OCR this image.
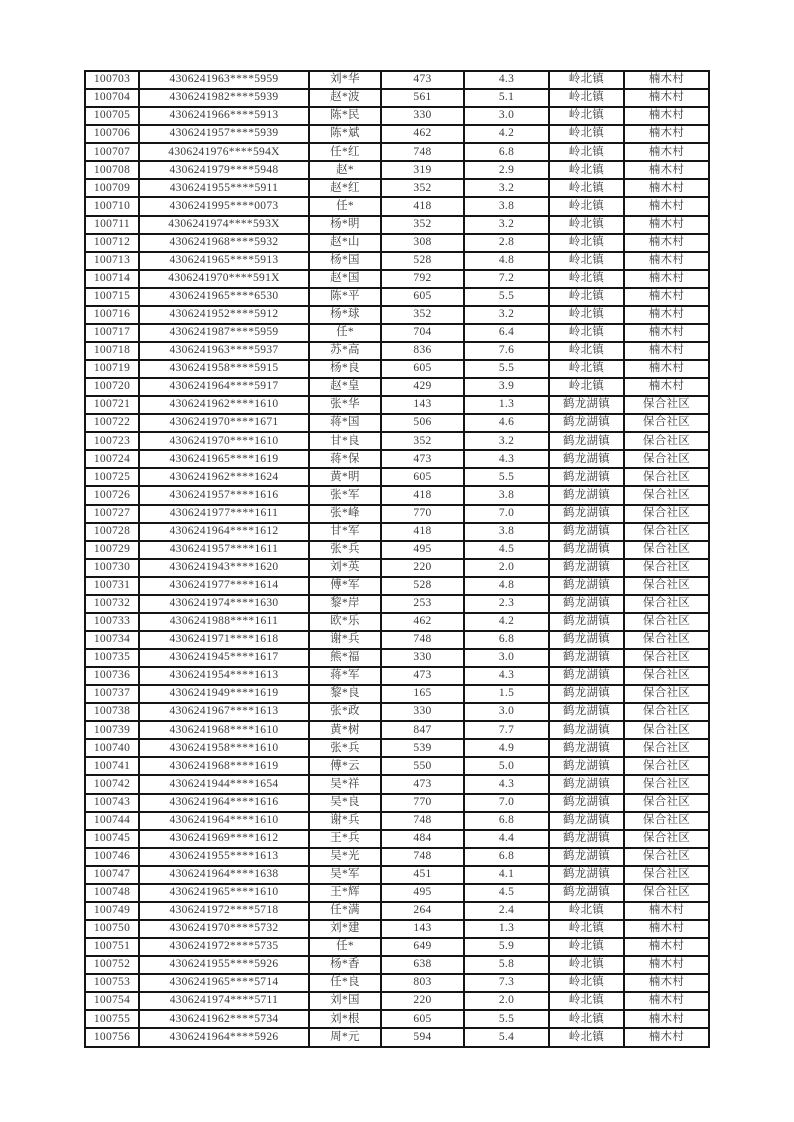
100703	4306241963****5959	刘*华	473	4.3	岭北镇	楠木村
100704	4306241982****5939	赵*波	561	5.1	岭北镇	楠木村
100705	4306241966****5913	陈*民	330	3.0	岭北镇	楠木村
100706	4306241957****5939	陈*斌	462	4.2	岭北镇	楠木村
100707	4306241976****594X	任*红	748	6.8	岭北镇	楠木村
100708	4306241979****5948	赵*	319	2.9	岭北镇	楠木村
100709	4306241955****5911	赵*红	352	3.2	岭北镇	楠木村
100710	4306241995****0073	任*	418	3.8	岭北镇	楠木村
100711	4306241974****593X	杨*明	352	3.2	岭北镇	楠木村
100712	4306241968****5932	赵*山	308	2.8	岭北镇	楠木村
100713	4306241965****5913	杨*国	528	4.8	岭北镇	楠木村
100714	4306241970****591X	赵*国	792	7.2	岭北镇	楠木村
100715	4306241965****6530	陈*平	605	5.5	岭北镇	楠木村
100716	4306241952****5912	杨*球	352	3.2	岭北镇	楠木村
100717	4306241987****5959	任*	704	6.4	岭北镇	楠木村
100718	4306241963****5937	苏*高	836	7.6	岭北镇	楠木村
100719	4306241958****5915	杨*良	605	5.5	岭北镇	楠木村
100720	4306241964****5917	赵*皇	429	3.9	岭北镇	楠木村
100721	4306241962****1610	张*华	143	1.3	鹤龙湖镇	保合社区
100722	4306241970****1671	蒋*国	506	4.6	鹤龙湖镇	保合社区
100723	4306241970****1610	甘*良	352	3.2	鹤龙湖镇	保合社区
100724	4306241965****1619	蒋*保	473	4.3	鹤龙湖镇	保合社区
100725	4306241962****1624	黄*明	605	5.5	鹤龙湖镇	保合社区
100726	4306241957****1616	张*军	418	3.8	鹤龙湖镇	保合社区
100727	4306241977****1611	张*峰	770	7.0	鹤龙湖镇	保合社区
100728	4306241964****1612	甘*军	418	3.8	鹤龙湖镇	保合社区
100729	4306241957****1611	张*兵	495	4.5	鹤龙湖镇	保合社区
100730	4306241943****1620	刘*英	220	2.0	鹤龙湖镇	保合社区
100731	4306241977****1614	傅*军	528	4.8	鹤龙湖镇	保合社区
100732	4306241974****1630	黎*岸	253	2.3	鹤龙湖镇	保合社区
100733	4306241988****1611	欧*乐	462	4.2	鹤龙湖镇	保合社区
100734	4306241971****1618	谢*兵	748	6.8	鹤龙湖镇	保合社区
100735	4306241945****1617	熊*福	330	3.0	鹤龙湖镇	保合社区
100736	4306241954****1613	蒋*军	473	4.3	鹤龙湖镇	保合社区
100737	4306241949****1619	黎*良	165	1.5	鹤龙湖镇	保合社区
100738	4306241967****1613	张*政	330	3.0	鹤龙湖镇	保合社区
100739	4306241968****1610	黄*树	847	7.7	鹤龙湖镇	保合社区
100740	4306241958****1610	张*兵	539	4.9	鹤龙湖镇	保合社区
100741	4306241968****1619	傅*云	550	5.0	鹤龙湖镇	保合社区
100742	4306241944****1654	吴*祥	473	4.3	鹤龙湖镇	保合社区
100743	4306241964****1616	吴*良	770	7.0	鹤龙湖镇	保合社区
100744	4306241964****1610	谢*兵	748	6.8	鹤龙湖镇	保合社区
100745	4306241969****1612	王*兵	484	4.4	鹤龙湖镇	保合社区
100746	4306241955****1613	吴*光	748	6.8	鹤龙湖镇	保合社区
100747	4306241964****1638	吴*军	451	4.1	鹤龙湖镇	保合社区
100748	4306241965****1610	王*辉	495	4.5	鹤龙湖镇	保合社区
100749	4306241972****5718	任*满	264	2.4	岭北镇	楠木村
100750	4306241970****5732	刘*建	143	1.3	岭北镇	楠木村
100751	4306241972****5735	任*	649	5.9	岭北镇	楠木村
100752	4306241955****5926	杨*香	638	5.8	岭北镇	楠木村
100753	4306241965****5714	任*良	803	7.3	岭北镇	楠木村
100754	4306241974****5711	刘*国	220	2.0	岭北镇	楠木村
100755	4306241962****5734	刘*根	605	5.5	岭北镇	楠木村
100756	4306241964****5926	周*元	594	5.4	岭北镇	楠木村
